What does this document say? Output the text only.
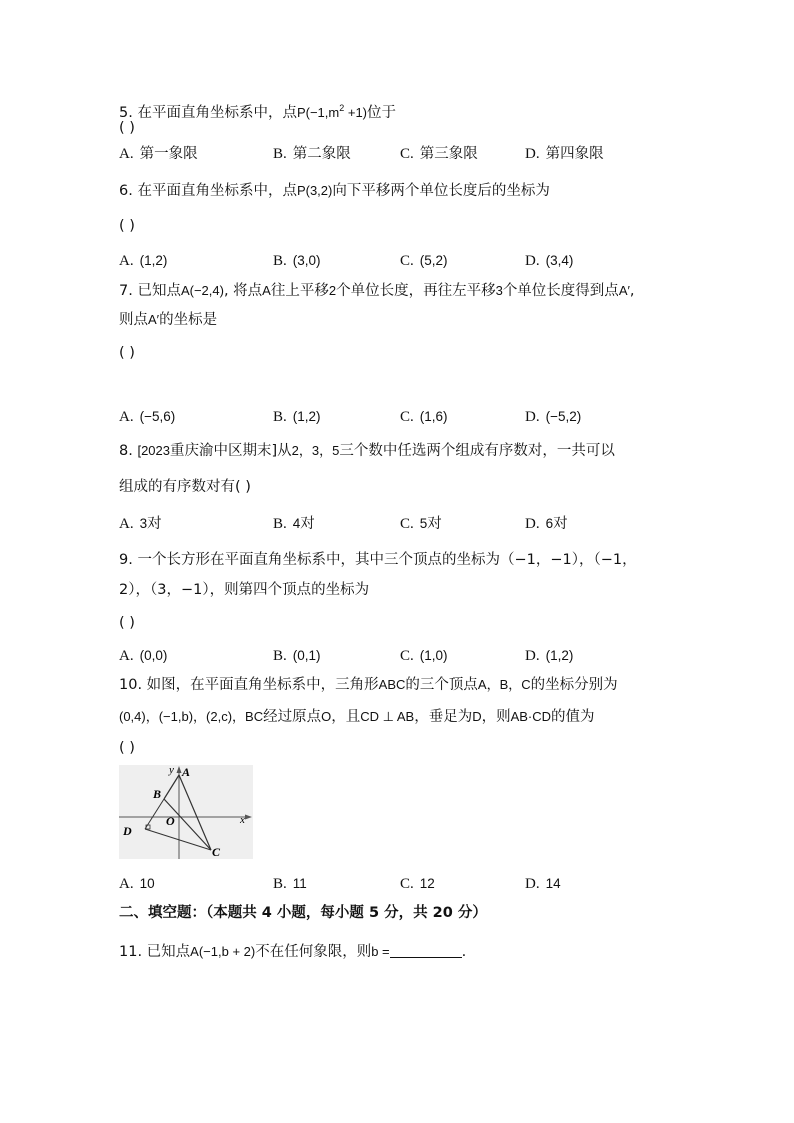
5. 在平面直角坐标系中，点$P(-1,m^2 +1)$位于
( )
A. 第一象限	B. 第二象限	C. 第三象限	D. 第四象限
6. 在平面直角坐标系中，点P(3,2)向下平移两个单位长度后的坐标为
( )
A. (1,2)	B. (3,0)	C. (5,2)	D. (3,4)
7. 已知点A(−2,4), 将点A往上平移2个单位长度，再往左平移3个单位长度得到点A′,
则点A′的坐标是
( )
A. (−5,6)	B. (1,2)	C. (1,6)	D. (−5,2)
8. [2023重庆渝中区期末]从2，3，5三个数中任选两个组成有序数对，一共可以
组成的有序数对有( )
A. 3对	B. 4对	C. 5对	D. 6对
9. 一个长方形在平面直角坐标系中，其中三个顶点的坐标为（−1，−1），（−1，
2），（3，−1），则第四个顶点的坐标为
( )
A. (0,0)	B. (0,1)	C. (1,0)	D. (1,2)
10. 如图，在平面直角坐标系中，三角形ABC的三个顶点A，B，C的坐标分别为
(0,4)，(−1,b)，(2,c)，BC经过原点O，且CD ⊥ AB，垂足为D，则AB·CD的值为
( )
y A
B
O	x
D
C
A. 10	B. 11	C. 12	D. 14
二、填空题：（本题共 4 小题，每小题 5 分，共 20 分）
11. 已知点A(−1,b + 2)不在任何象限，则b =	.
